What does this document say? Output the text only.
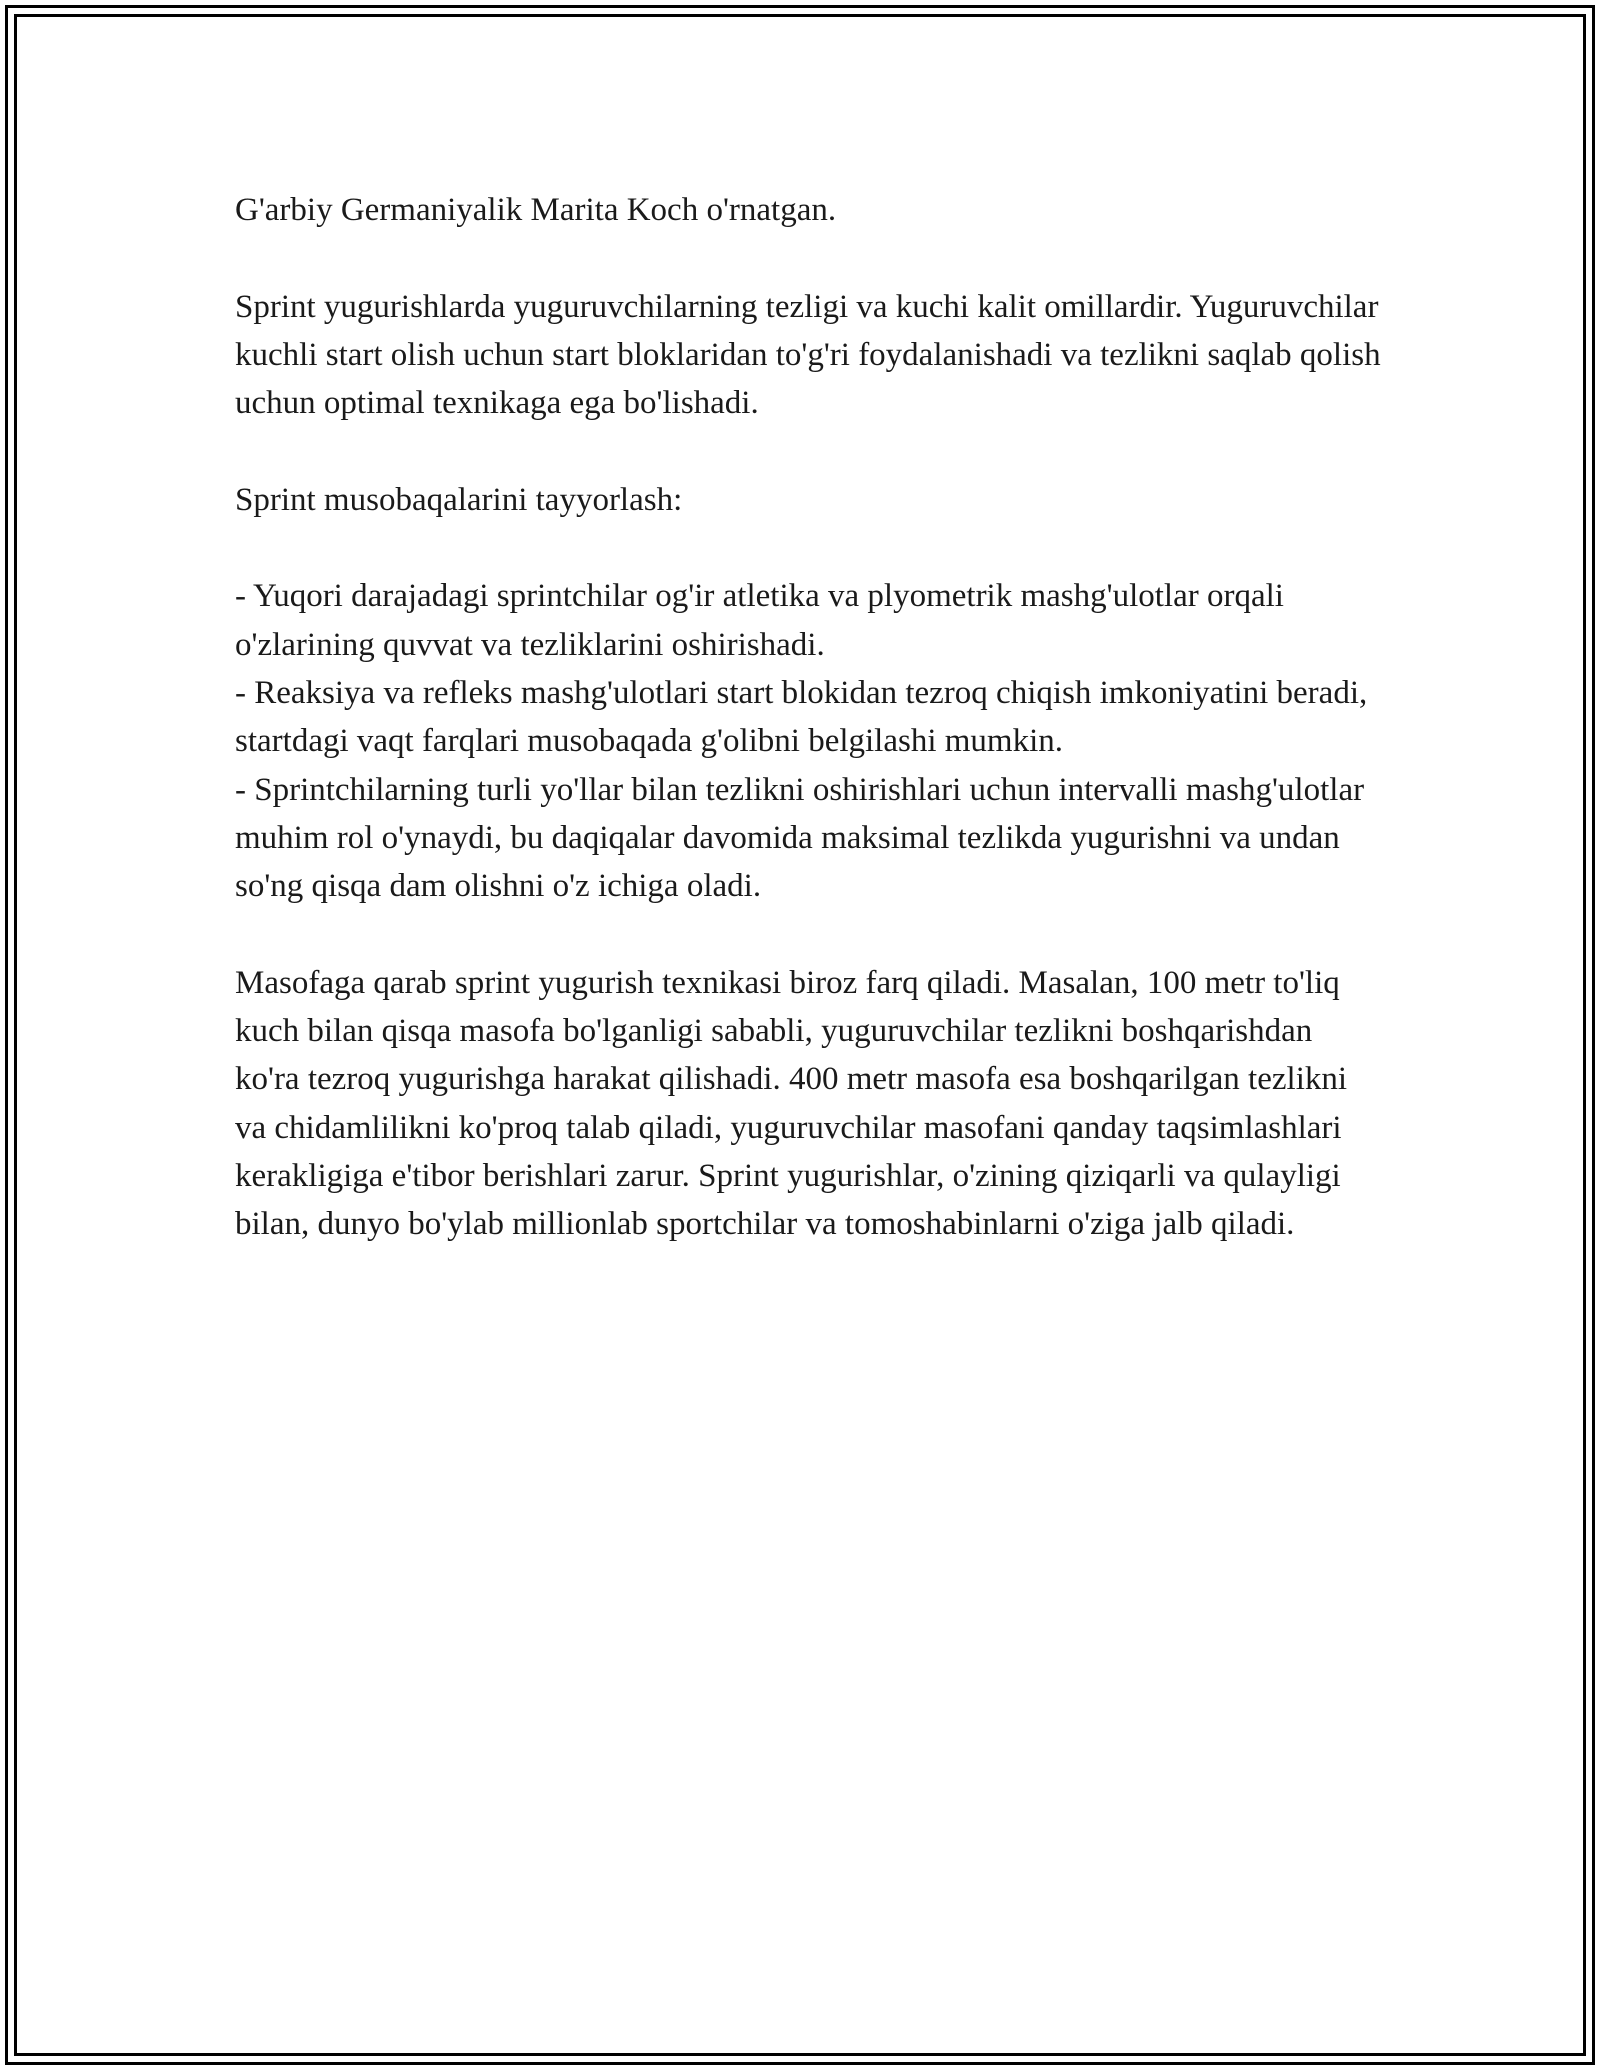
G'arbiy Germaniyalik Marita Koch o'rnatgan.

Sprint yugurishlarda yuguruvchilarning tezligi va kuchi kalit omillardir. Yuguruvchilar kuchli start olish uchun start bloklaridan to'g'ri foydalanishadi va tezlikni saqlab qolish uchun optimal texnikaga ega bo'lishadi.

Sprint musobaqalarini tayyorlash:

- Yuqori darajadagi sprintchilar og'ir atletika va plyometrik mashg'ulotlar orqali o'zlarining quvvat va tezliklarini oshirishadi.

- Reaksiya va refleks mashg'ulotlari start blokidan tezroq chiqish imkoniyatini beradi, startdagi vaqt farqlari musobaqada g'olibni belgilashi mumkin.

- Sprintchilarning turli yo'llar bilan tezlikni oshirishlari uchun intervalli mashg'ulotlar muhim rol o'ynaydi, bu daqiqalar davomida maksimal tezlikda yugurishni va undan so'ng qisqa dam olishni o'z ichiga oladi.

Masofaga qarab sprint yugurish texnikasi biroz farq qiladi. Masalan, 100 metr to'liq kuch bilan qisqa masofa bo'lganligi sababli, yuguruvchilar tezlikni boshqarishdan ko'ra tezroq yugurishga harakat qilishadi. 400 metr masofa esa boshqarilgan tezlikni va chidamlilikni ko'proq talab qiladi, yuguruvchilar masofani qanday taqsimlashlari kerakligiga e'tibor berishlari zarur. Sprint yugurishlar, o'zining qiziqarli va qulayligi bilan, dunyo bo'ylab millionlab sportchilar va tomoshabinlarni o'ziga jalb qiladi.
